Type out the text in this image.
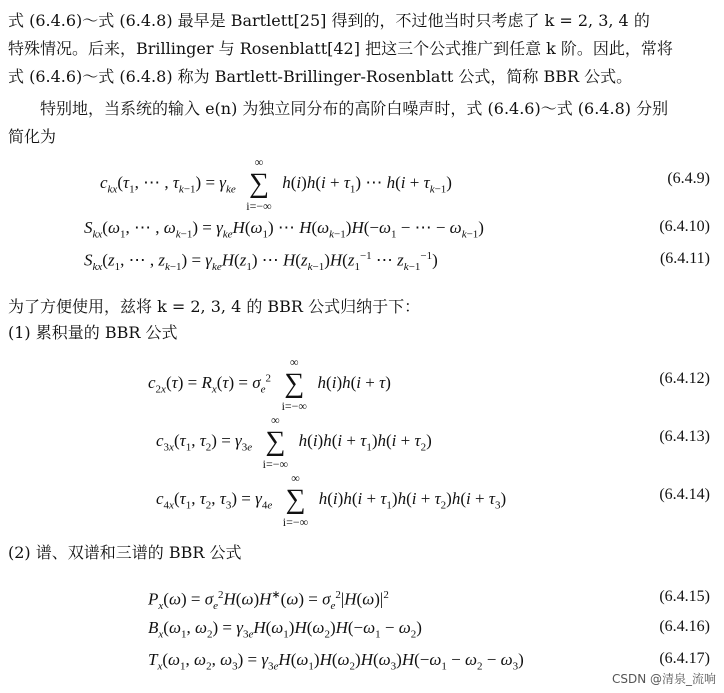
式 (6.4.6)～式 (6.4.8) 最早是 Bartlett[25] 得到的，不过他当时只考虑了 k = 2, 3, 4 的
特殊情况。后来，Brillinger 与 Rosenblatt[42] 把这三个公式推广到任意 k 阶。因此，常将
式 (6.4.6)～式 (6.4.8) 称为 Bartlett-Brillinger-Rosenblatt 公式，简称 BBR 公式。
特别地，当系统的输入 e(n) 为独立同分布的高阶白噪声时，式 (6.4.6)～式 (6.4.8) 分别
简化为
$c_{kx}(\tau_1$, ⋯ , $\tau_{k-1}) = \gamma_{ke}$ ∑
∞
i=−∞
$h(i)h(i + \tau_1)$ ⋯ $h(i + \tau_{k-1})$	(6.4.9)
$S_{kx}(\omega_1$, ⋯ , $\omega_{k-1}) = \gamma_{ke}H(\omega_1)$ ⋯ $H(\omega_{k-1})H(-\omega_1$ − ⋯ − $\omega_{k-1}$)	(6.4.10)
$S_{kx}(z_1$, ⋯ , $z_{k-1}) = \gamma_{ke}H(z_1)$ ⋯ $H(z_{k-1})H(z_1^{-1}$ ⋯ $z_{k-1}^{-1}$)	(6.4.11)
为了方便使用，兹将 k = 2, 3, 4 的 BBR 公式归纳于下：
(1) 累积量的 BBR 公式
$c_{2x}(\tau) = R_x(\tau) = \sigma_e^2$ ∑
∞
i=−∞
h(i)h(i + τ)	(6.4.12)
$c_{3x}(\tau_1$, $\tau_2) = \gamma_{3e}$ ∑
∞
i=−∞
$h(i)h(i + \tau_1)h(i + \tau_2)$	(6.4.13)
$c_{4x}(\tau_1$, $\tau_2$, $\tau_3) = \gamma_{4e}$ ∑
∞
i=−∞
$h(i)h(i + \tau_1)h(i + \tau_2)h(i + \tau_3)$	(6.4.14)
(2) 谱、双谱和三谱的 BBR 公式
$P_x(\omega) = \sigma_e^2H(\omega)H^∗(\omega) = \sigma_e^2|H(\omega)|^2$	(6.4.15)
$B_x(\omega_1$, $\omega_2) = \gamma_{3e}H(\omega_1)H(\omega_2)H(-\omega_1 - \omega_2)$	(6.4.16)
$T_x(\omega_1$, $\omega_2$, $\omega_3) = \gamma_{3e}H(\omega_1)H(\omega_2)H(\omega_3)H(-\omega_1 - \omega_2 - \omega_3)$	(6.4.17)
CSDN @清泉_流响
